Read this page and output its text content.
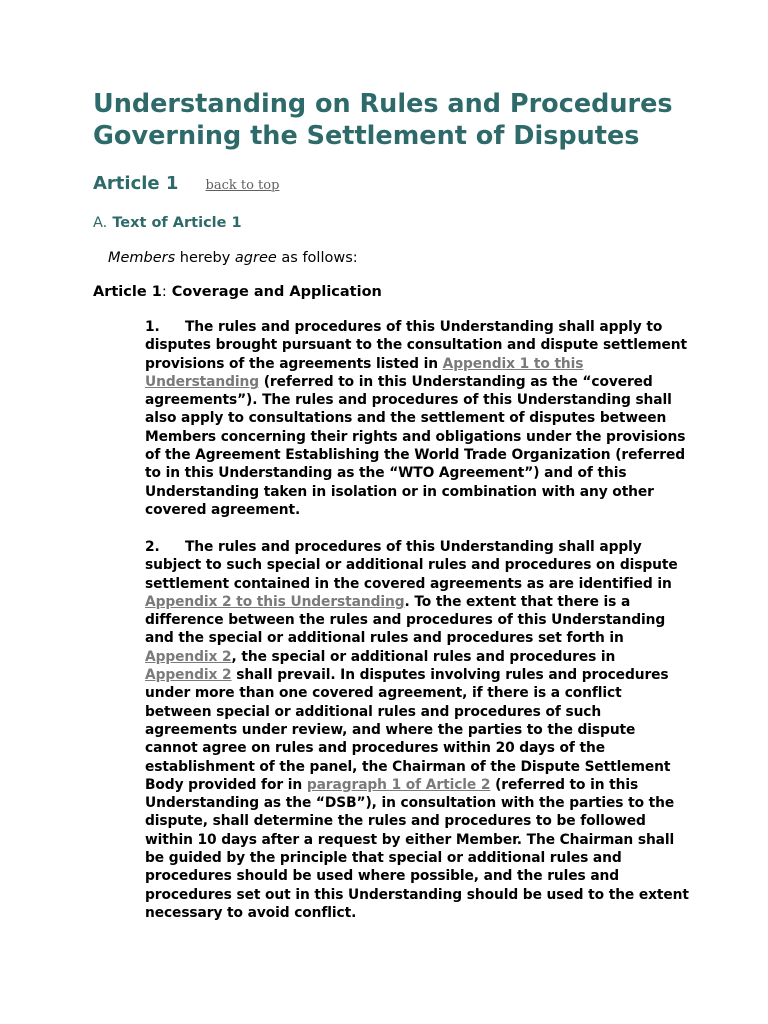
Understanding on Rules and Procedures
Governing the Settlement of Disputes
Article 1 back to top
A. Text of Article 1
Members hereby agree as follows:
Article 1: Coverage and Application

1. The rules and procedures of this Understanding shall apply to
disputes brought pursuant to the consultation and dispute settlement
provisions of the agreements listed in Appendix 1 to this
Understanding (referred to in this Understanding as the “covered
agreements”). The rules and procedures of this Understanding shall
also apply to consultations and the settlement of disputes between
Members concerning their rights and obligations under the provisions
of the Agreement Establishing the World Trade Organization (referred
to in this Understanding as the “WTO Agreement”) and of this
Understanding taken in isolation or in combination with any other
covered agreement.

2. The rules and procedures of this Understanding shall apply
subject to such special or additional rules and procedures on dispute
settlement contained in the covered agreements as are identified in
Appendix 2 to this Understanding. To the extent that there is a
difference between the rules and procedures of this Understanding
and the special or additional rules and procedures set forth in
Appendix 2, the special or additional rules and procedures in
Appendix 2 shall prevail. In disputes involving rules and procedures
under more than one covered agreement, if there is a conflict
between special or additional rules and procedures of such
agreements under review, and where the parties to the dispute
cannot agree on rules and procedures within 20 days of the
establishment of the panel, the Chairman of the Dispute Settlement
Body provided for in paragraph 1 of Article 2 (referred to in this
Understanding as the “DSB”), in consultation with the parties to the
dispute, shall determine the rules and procedures to be followed
within 10 days after a request by either Member. The Chairman shall
be guided by the principle that special or additional rules and
procedures should be used where possible, and the rules and
procedures set out in this Understanding should be used to the extent
necessary to avoid conflict.
